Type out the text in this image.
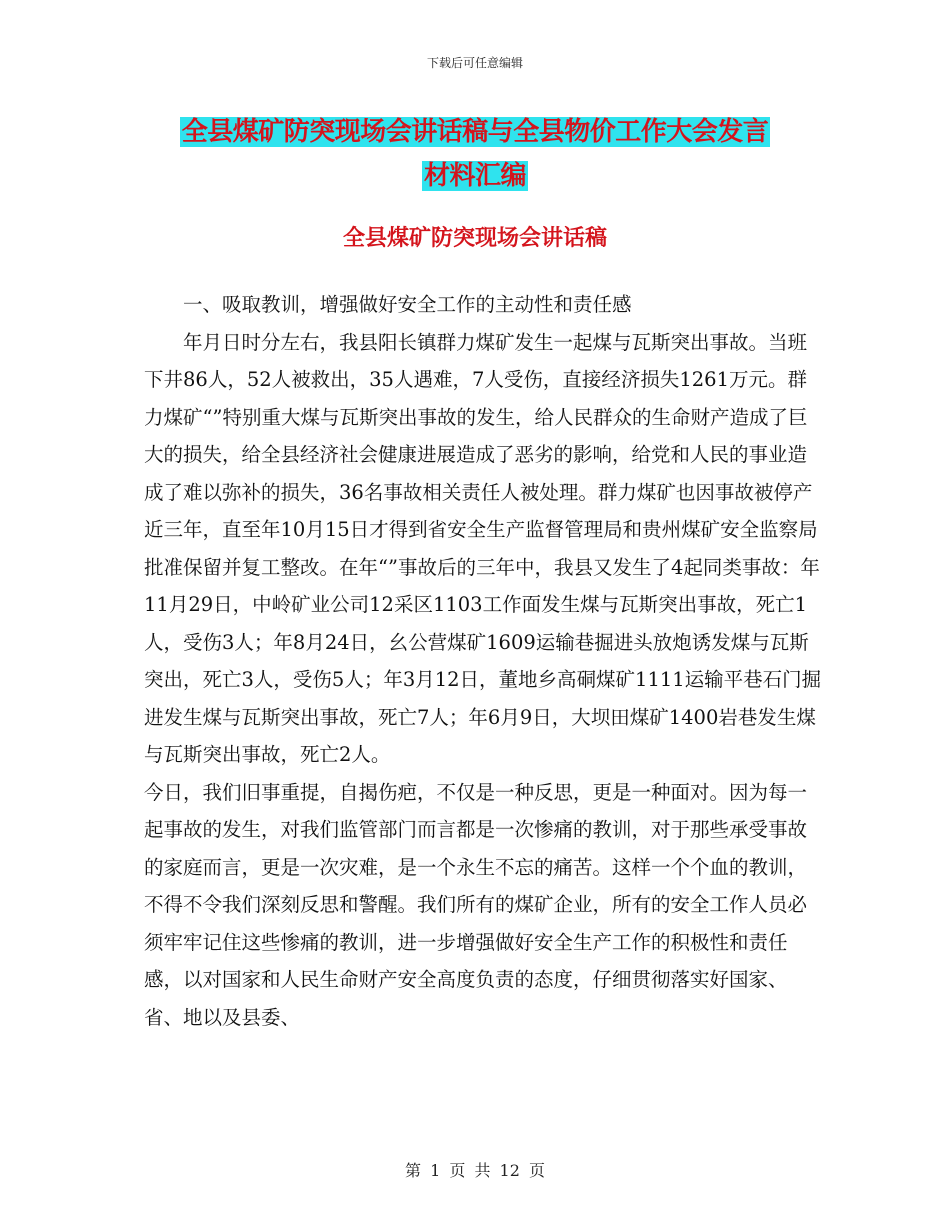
下载后可任意编辑
全县煤矿防突现场会讲话稿与全县物价工作大会发言
材料汇编
全县煤矿防突现场会讲话稿

一、吸取教训，增强做好安全工作的主动性和责任感

年月日时分左右，我县阳长镇群力煤矿发生一起煤与瓦斯突出事故。当班下井86人，52人被救出，35人遇难，7人受伤，直接经济损失1261万元。群力煤矿“”特别重大煤与瓦斯突出事故的发生，给人民群众的生命财产造成了巨大的损失，给全县经济社会健康进展造成了恶劣的影响，给党和人民的事业造成了难以弥补的损失，36名事故相关责任人被处理。群力煤矿也因事故被停产近三年，直至年10月15日才得到省安全生产监督管理局和贵州煤矿安全监察局批准保留并复工整改。在年“”事故后的三年中，我县又发生了4起同类事故：年11月29日，中岭矿业公司12采区1103工作面发生煤与瓦斯突出事故，死亡1人，受伤3人；年8月24日，幺公营煤矿1609运输巷掘进头放炮诱发煤与瓦斯突出，死亡3人，受伤5人；年3月12日，董地乡高硐煤矿1111运输平巷石门掘进发生煤与瓦斯突出事故，死亡7人；年6月9日，大坝田煤矿1400岩巷发生煤与瓦斯突出事故，死亡2人。

今日，我们旧事重提，自揭伤疤，不仅是一种反思，更是一种面对。因为每一起事故的发生，对我们监管部门而言都是一次惨痛的教训，对于那些承受事故的家庭而言，更是一次灾难，是一个永生不忘的痛苦。这样一个个血的教训，不得不令我们深刻反思和警醒。我们所有的煤矿企业，所有的安全工作人员必须牢牢记住这些惨痛的教训，进一步增强做好安全生产工作的积极性和责任感，以对国家和人民生命财产安全高度负责的态度，仔细贯彻落实好国家、省、地以及县委、

第 1 页 共 12 页
